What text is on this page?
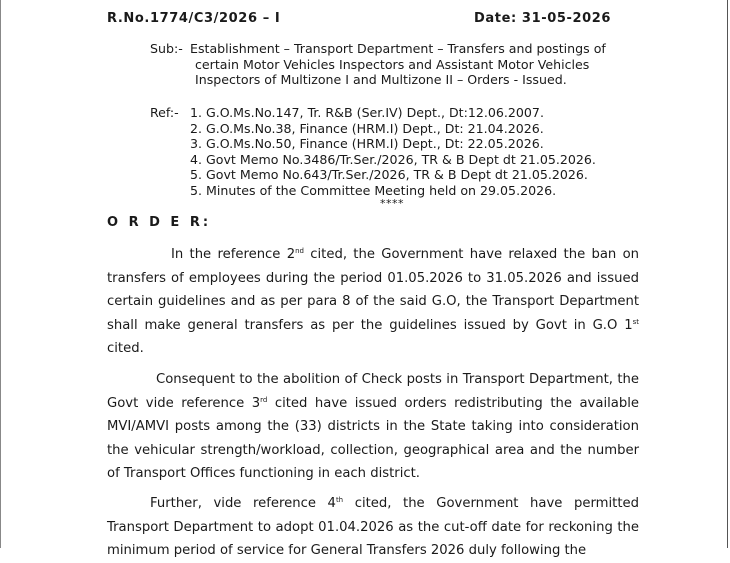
R.No.1774/C3/2026 – I	Date: 31-05-2026
Sub:- Establishment – Transport Department – Transfers and postings of
certain Motor Vehicles Inspectors and Assistant Motor Vehicles
Inspectors of Multizone I and Multizone II – Orders - Issued.
Ref:- 1. G.O.Ms.No.147, Tr. R&B (Ser.IV) Dept., Dt:12.06.2007.
2. G.O.Ms.No.38, Finance (HRM.I) Dept., Dt: 21.04.2026.
3. G.O.Ms.No.50, Finance (HRM.I) Dept., Dt: 22.05.2026.
4. Govt Memo No.3486/Tr.Ser./2026, TR & B Dept dt 21.05.2026.
5. Govt Memo No.643/Tr.Ser./2026, TR & B Dept dt 21.05.2026.
5. Minutes of the Committee Meeting held on 29.05.2026.
****
O R D E R:

In the reference 2nd cited, the Government have relaxed the ban on transfers of employees during the period 01.05.2026 to 31.05.2026 and issued certain guidelines and as per para 8 of the said G.O, the Transport Department shall make general transfers as per the guidelines issued by Govt in G.O 1st cited.

Consequent to the abolition of Check posts in Transport Department, the Govt vide reference 3rd cited have issued orders redistributing the available MVI/AMVI posts among the (33) districts in the State taking into consideration the vehicular strength/workload, collection, geographical area and the number of Transport Offices functioning in each district.

Further, vide reference 4th cited, the Government have permitted Transport Department to adopt 01.04.2026 as the cut-off date for reckoning the minimum period of service for General Transfers 2026 duly following the
